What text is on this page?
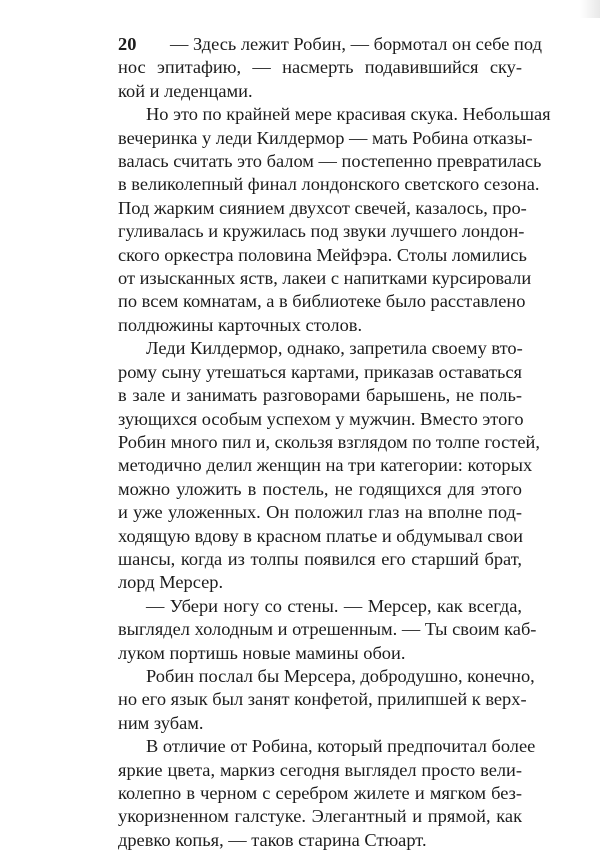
20	— Здесь лежит Робин, — бормотал он себе под
нос эпитафию, — насмерть подавившийся ску-
кой и леденцами.

Но это по крайней мере красивая скука. Небольшая
вечеринка у леди Килдермор — мать Робина отказы-
валась считать это балом — постепенно превратилась
в великолепный финал лондонского светского сезона.
Под жарким сиянием двухсот свечей, казалось, про-
гуливалась и кружилась под звуки лучшего лондон-
ского оркестра половина Мейфэра. Столы ломились
от изысканных яств, лакеи с напитками курсировали
по всем комнатам, а в библиотеке было расставлено
полдюжины карточных столов.

Леди Килдермор, однако, запретила своему вто-
рому сыну утешаться картами, приказав оставаться
в зале и занимать разговорами барышень, не поль-
зующихся особым успехом у мужчин. Вместо этого
Робин много пил и, скользя взглядом по толпе гостей,
методично делил женщин на три категории: которых
можно уложить в постель, не годящихся для этого
и уже уложенных. Он положил глаз на вполне под-
ходящую вдову в красном платье и обдумывал свои
шансы, когда из толпы появился его старший брат,
лорд Мерсер.

— Убери ногу со стены. — Мерсер, как всегда,
выглядел холодным и отрешенным. — Ты своим каб-
луком портишь новые мамины обои.

Робин послал бы Мерсера, добродушно, конечно,
но его язык был занят конфетой, прилипшей к верх-
ним зубам.

В отличие от Робина, который предпочитал более
яркие цвета, маркиз сегодня выглядел просто вели-
колепно в черном с серебром жилете и мягком без-
укоризненном галстуке. Элегантный и прямой, как
древко копья, — таков старина Стюарт.
